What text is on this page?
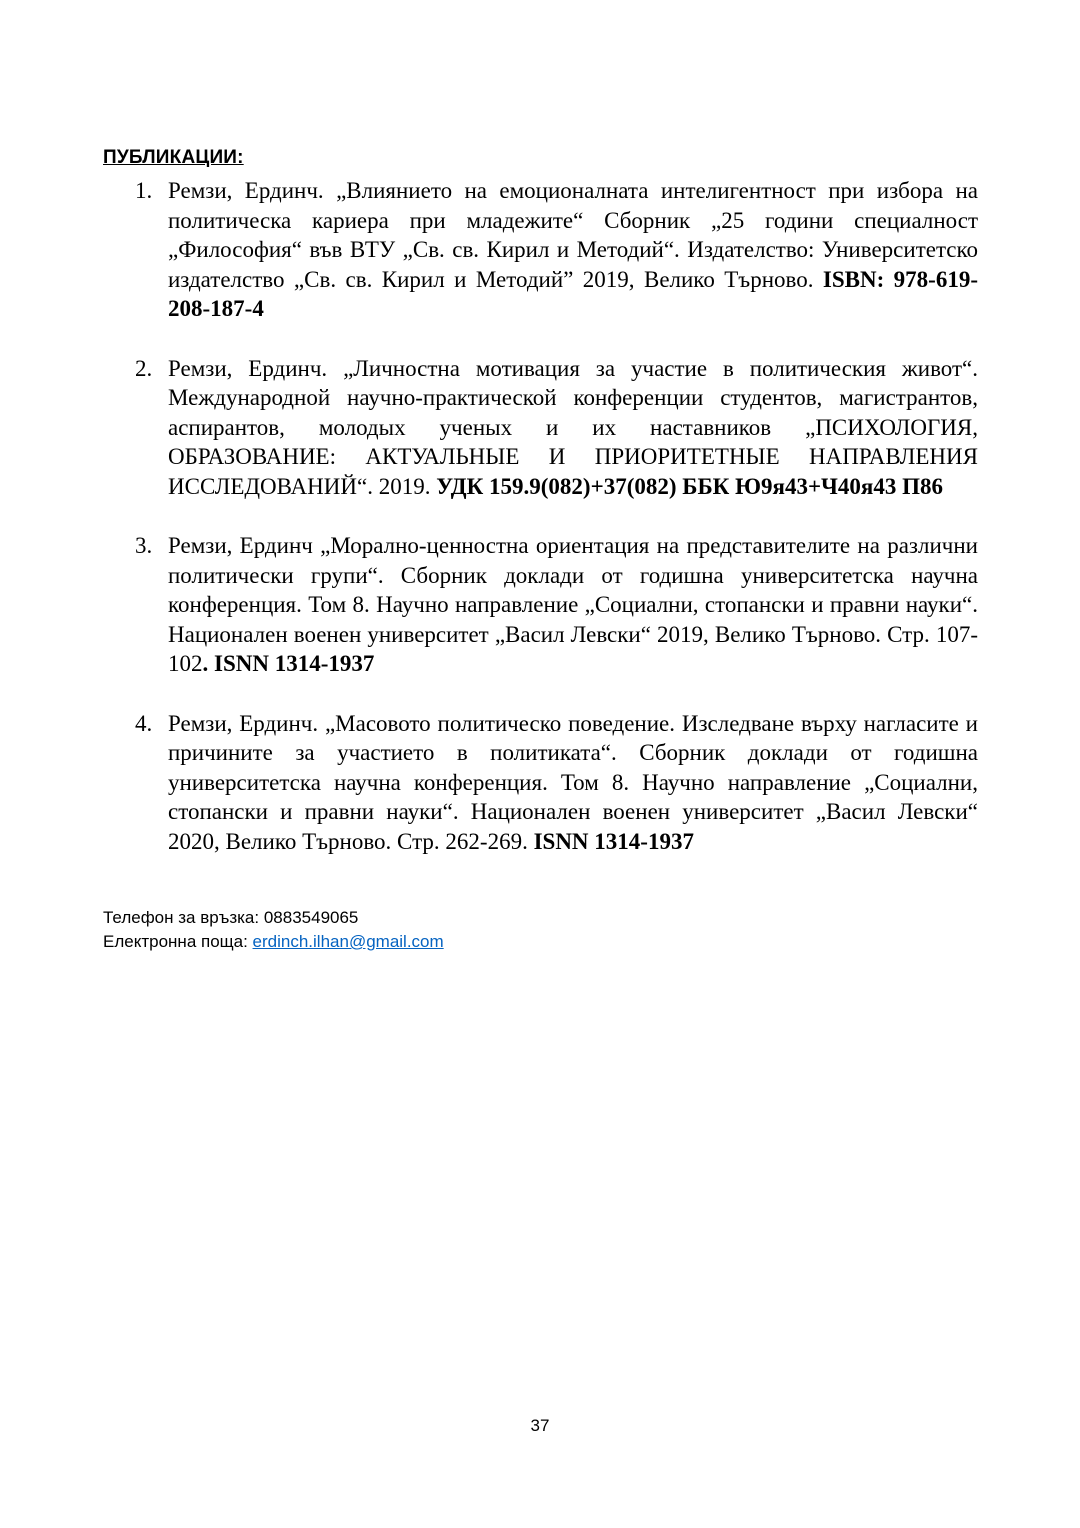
ПУБЛИКАЦИИ:
1. Ремзи, Ердинч. „Влиянието на емоционалната интелигентност при избора на политическа кариера при младежите“ Сборник „25 години специалност „Философия“ във ВТУ „Св. св. Кирил и Методий“. Издателство: Университетско издателство „Св. св. Кирил и Методий” 2019, Велико Търново. ISBN: 978-619-208-187-4
2. Ремзи, Ердинч. „Личностна мотивация за участие в политическия живот“. Международной научно-практической конференции студентов, магистрантов, аспирантов, молодых ученых и их наставников „ПСИХОЛОГИЯ, ОБРАЗОВАНИЕ: АКТУАЛЬНЫЕ И ПРИОРИТЕТНЫЕ НАПРАВЛЕНИЯ ИССЛЕДОВАНИЙ“. 2019. УДК 159.9(082)+37(082) ББК Ю9я43+Ч40я43 П86
3. Ремзи, Ердинч „Морално-ценностна ориентация на представителите на различни политически групи“. Сборник доклади от годишна университетска научна конференция. Том 8. Научно направление „Социални, стопански и правни науки“. Национален военен университет „Васил Левски“ 2019, Велико Търново. Стр. 107-102. ISNN 1314-1937
4. Ремзи, Ердинч. „Масовото политическо поведение. Изследване върху нагласите и причините за участието в политиката“. Сборник доклади от годишна университетска научна конференция. Том 8. Научно направление „Социални, стопански и правни науки“. Национален военен университет „Васил Левски“ 2020, Велико Търново. Стр. 262-269. ISNN 1314-1937
Телефон за връзка: 0883549065
Електронна поща: erdinch.ilhan@gmail.com
37
